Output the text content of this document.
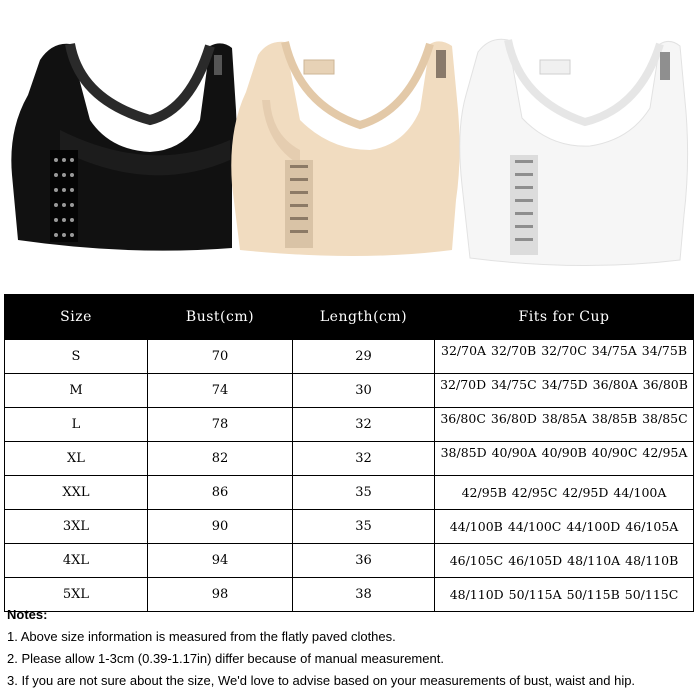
Size	Bust(cm)	Length(cm)	Fits for Cup
S	70	29	32/70A 32/70B 32/70C 34/75A 34/75B

M	74	30	32/70D 34/75C 34/75D 36/80A 36/80B

L	78	32	36/80C 36/80D 38/85A 38/85B 38/85C

XL	82	32	38/85D 40/90A 40/90B 40/90C 42/95A

XXL	86	35	42/95B 42/95C 42/95D 44/100A

3XL	90	35	44/100B 44/100C 44/100D 46/105A

4XL	94	36	46/105C 46/105D 48/110A 48/110B

5XL	98	38	48/110D 50/115A 50/115B 50/115C
Notes:
1. Above size information is measured from the flatly paved clothes.
2. Please allow 1-3cm (0.39-1.17in) differ because of manual measurement.
3. If you are not sure about the size, We'd love to advise based on your measurements of bust, waist and hip.
